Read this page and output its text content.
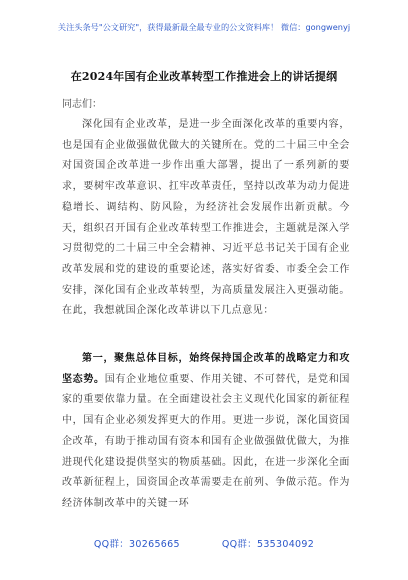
关注头条号"公文研究"，获得最新最全最专业的公文资料库！ 微信：gongwenyj
在2024年国有企业改革转型工作推进会上的讲话提纲
同志们：
深化国有企业改革，是进一步全面深化改革的重要内容，也是国有企业做强做优做大的关键所在。党的二十届三中全会对国资国企改革进一步作出重大部署，提出了一系列新的要求，要树牢改革意识、扛牢改革责任，坚持以改革为动力促进稳增长、调结构、防风险，为经济社会发展作出新贡献。今天，组织召开国有企业改革转型工作推进会，主题就是深入学习贯彻党的二十届三中全会精神、习近平总书记关于国有企业改革发展和党的建设的重要论述，落实好省委、市委全会工作安排，深化国有企业改革转型，为高质量发展注入更强动能。在此，我想就国企深化改革讲以下几点意见：
第一，聚焦总体目标，始终保持国企改革的战略定力和攻坚态势。国有企业地位重要、作用关键、不可替代，是党和国家的重要依靠力量。在全面建设社会主义现代化国家的新征程中，国有企业必须发挥更大的作用。更进一步说，深化国资国企改革，有助于推动国有资本和国有企业做强做优做大，为推进现代化建设提供坚实的物质基础。因此，在进一步深化全面改革新征程上，国资国企改革需要走在前列、争做示范。作为经济体制改革中的关键一环
QQ群：30265665	QQ群：535304092
